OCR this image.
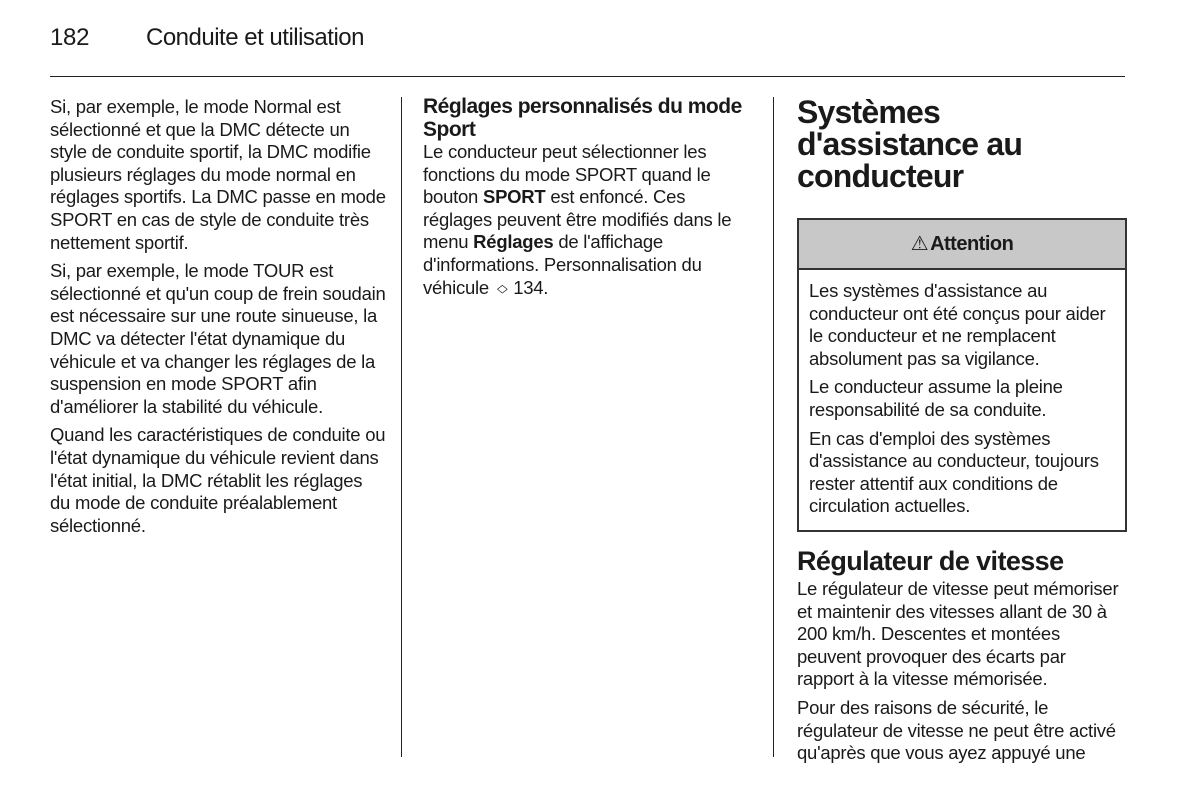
182	Conduite et utilisation

Si, par exemple, le mode Normal est sélectionné et que la DMC détecte un style de conduite sportif, la DMC modifie plusieurs réglages du mode normal en réglages sportifs. La DMC passe en mode SPORT en cas de style de conduite très nettement sportif.

Si, par exemple, le mode TOUR est sélectionné et qu'un coup de frein soudain est nécessaire sur une route sinueuse, la DMC va détecter l'état dynamique du véhicule et va changer les réglages de la suspension en mode SPORT afin d'améliorer la stabilité du véhicule.

Quand les caractéristiques de conduite ou l'état dynamique du véhicule revient dans l'état initial, la DMC rétablit les réglages du mode de conduite préalablement sélectionné.

Réglages personnalisés du mode Sport

Le conducteur peut sélectionner les fonctions du mode SPORT quand le bouton SPORT est enfoncé. Ces réglages peuvent être modifiés dans le menu Réglages de l'affichage d'informations. Personnalisation du véhicule ◇ 134.

Systèmes d'assistance au conducteur
⚠ Attention

Les systèmes d'assistance au conducteur ont été conçus pour aider le conducteur et ne remplacent absolument pas sa vigilance.

Le conducteur assume la pleine responsabilité de sa conduite.

En cas d'emploi des systèmes d'assistance au conducteur, toujours rester attentif aux conditions de circulation actuelles.

Régulateur de vitesse

Le régulateur de vitesse peut mémoriser et maintenir des vitesses allant de 30 à 200 km/h. Descentes et montées peuvent provoquer des écarts par rapport à la vitesse mémorisée.

Pour des raisons de sécurité, le régulateur de vitesse ne peut être activé qu'après que vous ayez appuyé une
